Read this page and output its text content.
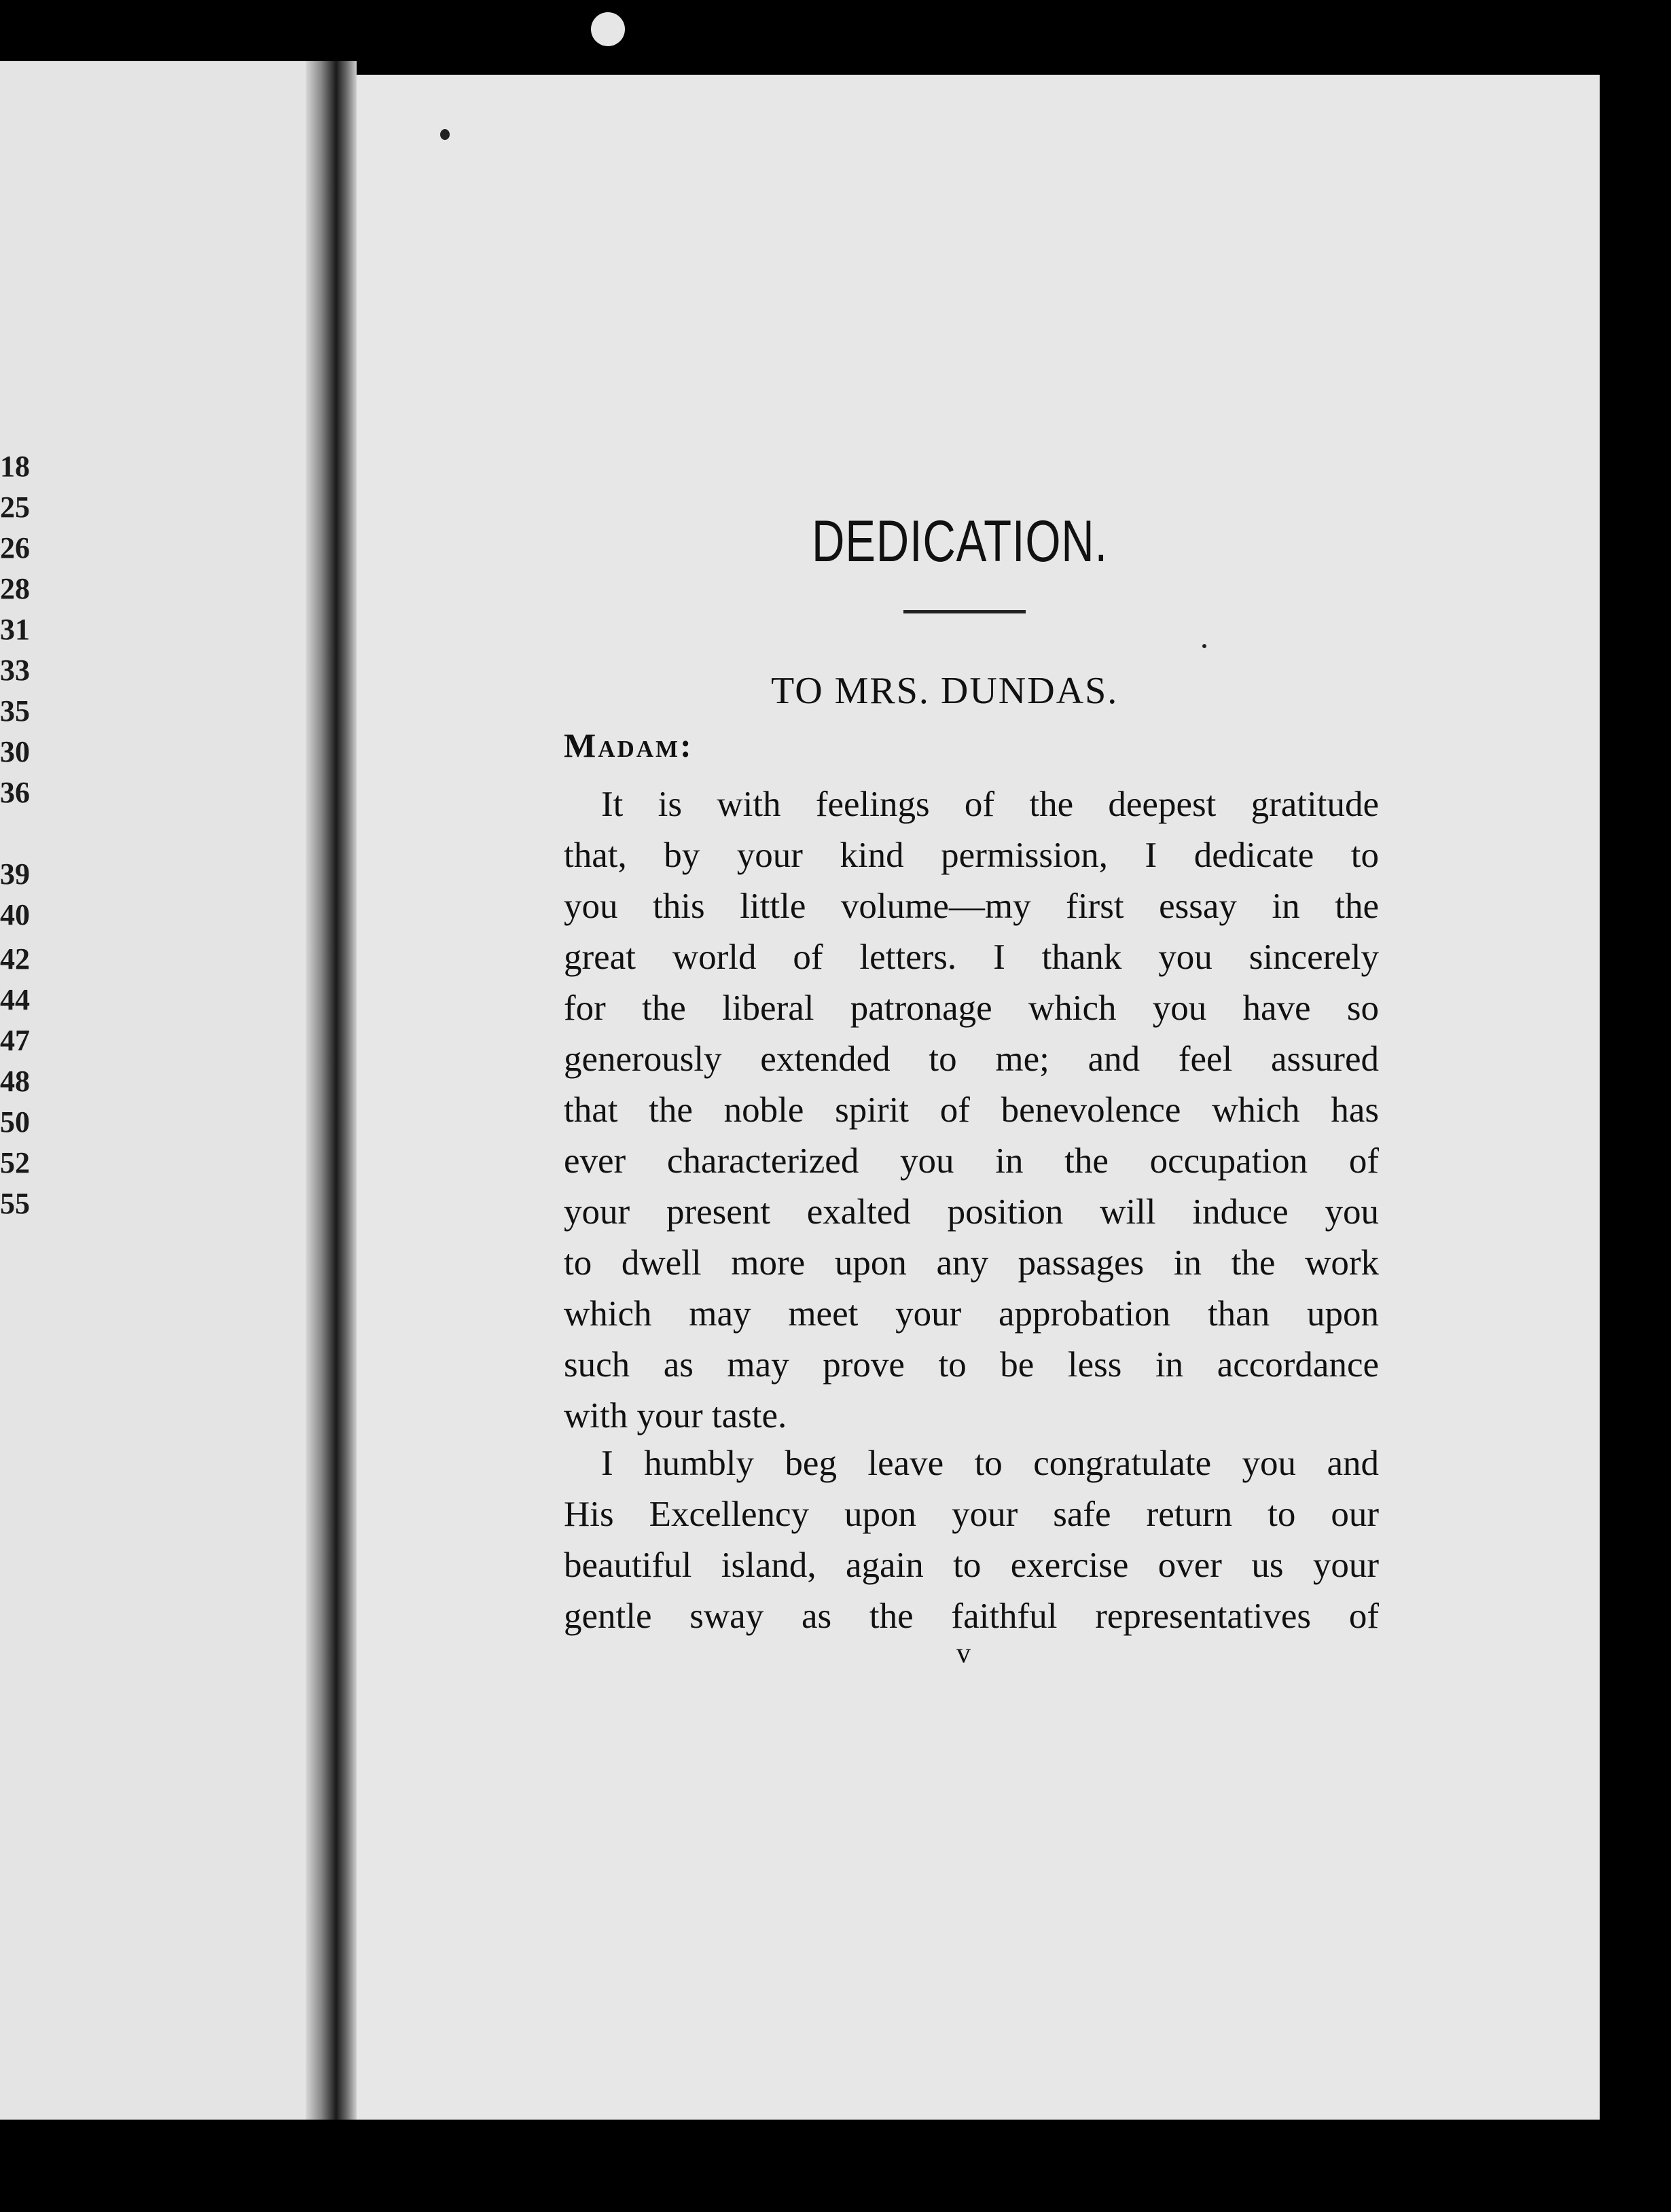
18
25
26
28
31
33
35
30
36
39
40
42
44
47
48
50
52
55
DEDICATION.
TO MRS. DUNDAS.
Madam:
It is with feelings of the deepest gratitude
that, by your kind permission, I dedicate to
you this little volume—my first essay in the
great world of letters. I thank you sincerely
for the liberal patronage which you have so
generously extended to me; and feel assured
that the noble spirit of benevolence which has
ever characterized you in the occupation of
your present exalted position will induce you
to dwell more upon any passages in the work
which may meet your approbation than upon
such as may prove to be less in accordance
with your taste.
I humbly beg leave to congratulate you and
His Excellency upon your safe return to our
beautiful island, again to exercise over us your
gentle sway as the faithful representatives of
v
